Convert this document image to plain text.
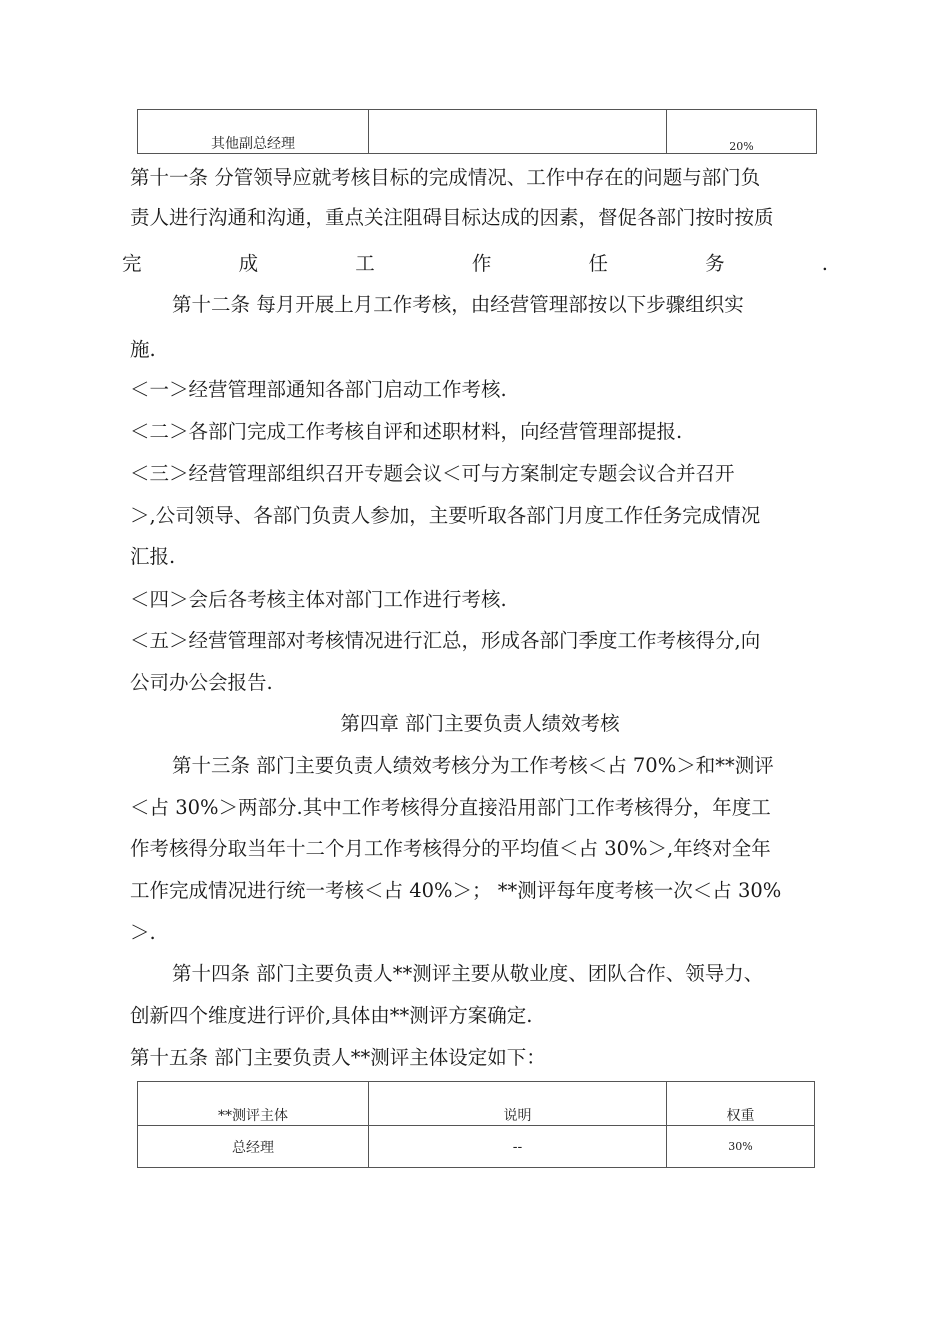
其他副总经理		20%
第十一条 分管领导应就考核目标的完成情况、工作中存在的问题与部门负
责人进行沟通和沟通，重点关注阻碍目标达成的因素，督促各部门按时按质
完	成	工	作	任	务	.
第十二条 每月开展上月工作考核，由经营管理部按以下步骤组织实
施.
＜一＞经营管理部通知各部门启动工作考核.
＜二＞各部门完成工作考核自评和述职材料，向经营管理部提报.
＜三＞经营管理部组织召开专题会议＜可与方案制定专题会议合并召开
＞,公司领导、各部门负责人参加，主要听取各部门月度工作任务完成情况
汇报.
＜四＞会后各考核主体对部门工作进行考核.
＜五＞经营管理部对考核情况进行汇总，形成各部门季度工作考核得分,向
公司办公会报告.
第四章 部门主要负责人绩效考核
第十三条 部门主要负责人绩效考核分为工作考核＜占 70%＞和**测评
＜占 30%＞两部分.其中工作考核得分直接沿用部门工作考核得分，年度工
作考核得分取当年十二个月工作考核得分的平均值＜占 30%＞,年终对全年
工作完成情况进行统一考核＜占 40%＞； **测评每年度考核一次＜占 30%
＞.
第十四条 部门主要负责人**测评主要从敬业度、团队合作、领导力、
创新四个维度进行评价,具体由**测评方案确定.
第十五条 部门主要负责人**测评主体设定如下：
**测评主体	说明	权重
总经理	--	30%
